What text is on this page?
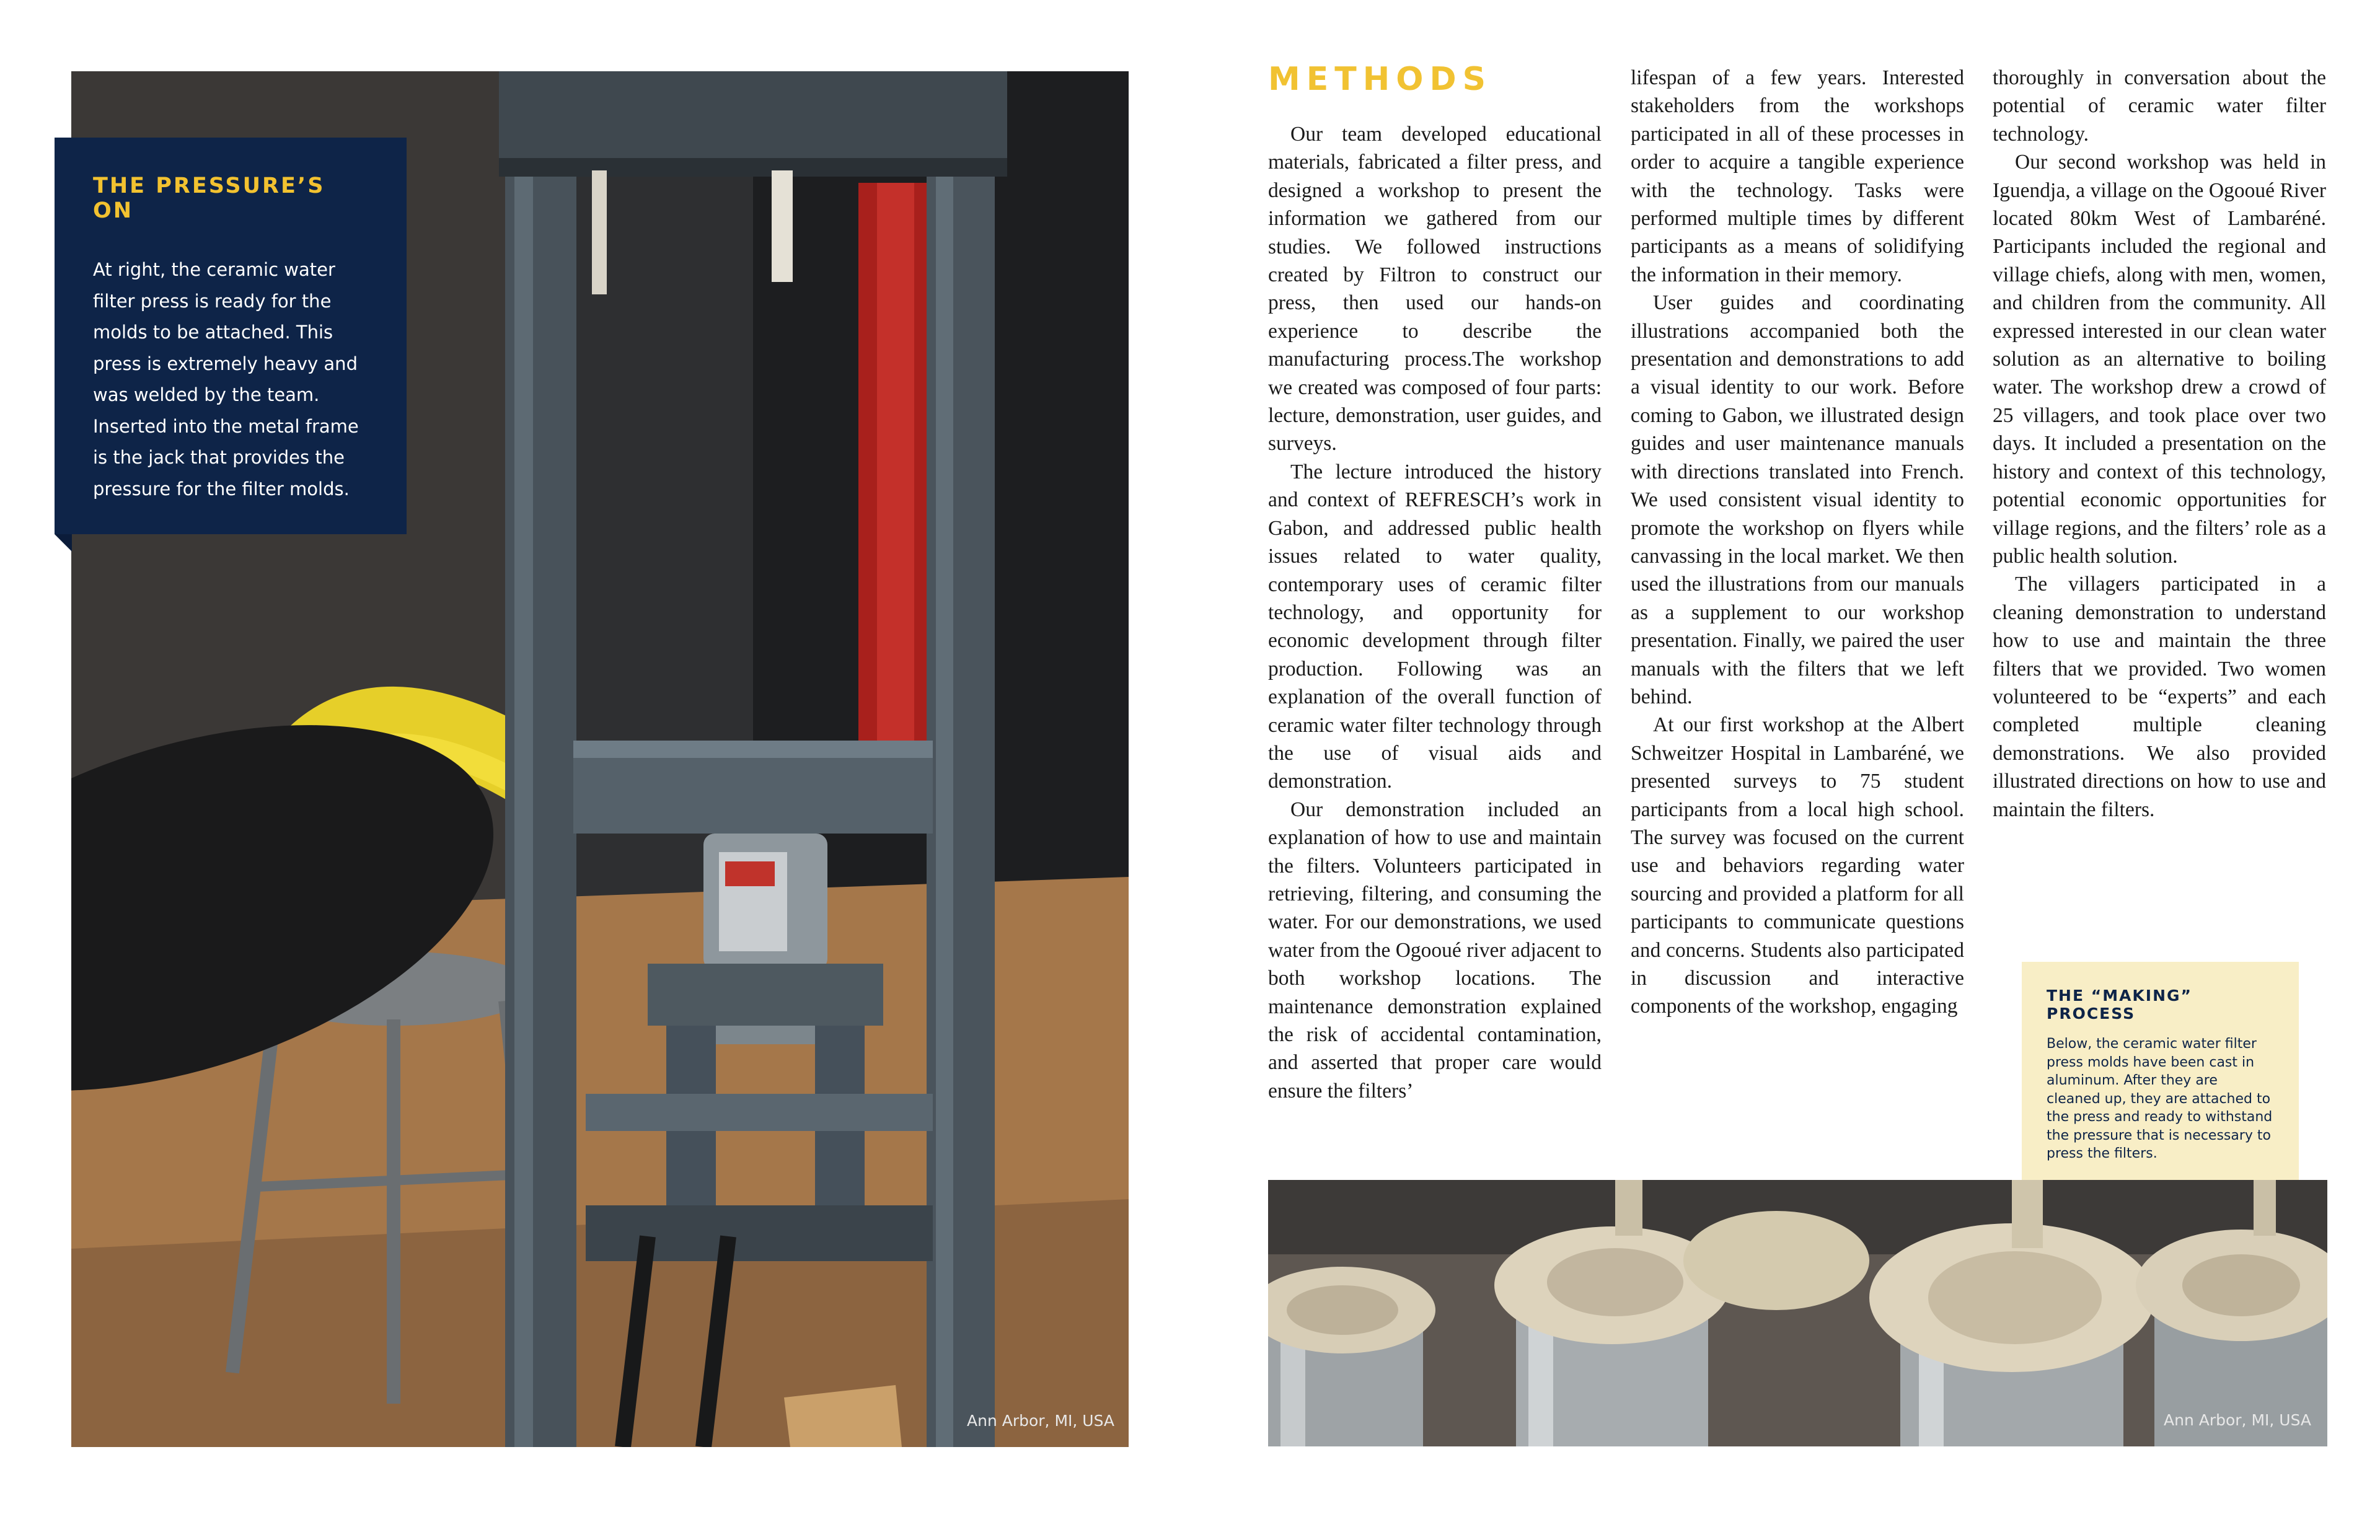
Ann Arbor, MI, USA
THE PRESSURE’S ON

At right, the ceramic water filter press is ready for the molds to be attached. This press is extremely heavy and was welded by the team. Inserted into the metal frame is the jack that provides the pressure for the filter molds.

METHODS

Our team developed educational materials, fabricated a filter press, and designed a workshop to present the information we gathered from our studies. We followed instructions created by Filtron to construct our press, then used our hands-on experience to describe the manufacturing process.The workshop we created was composed of four parts: lecture, demonstration, user guides, and surveys.

The lecture introduced the history and context of REFRESCH’s work in Gabon, and addressed public health issues related to water quality, contemporary uses of ceramic filter technology, and opportunity for economic development through filter production. Following was an explanation of the overall function of ceramic water filter technology through the use of visual aids and demonstration.

Our demonstration included an explanation of how to use and maintain the filters. Volunteers participated in retrieving, filtering, and consuming the water. For our demonstrations, we used water from the Ogooué river adjacent to both workshop locations. The maintenance demonstration explained the risk of accidental contamination, and asserted that proper care would ensure the filters’

lifespan of a few years. Interested stakeholders from the workshops participated in all of these processes in order to acquire a tangible experience with the technology. Tasks were performed multiple times by different participants as a means of solidifying the information in their memory.

User guides and coordinating illustrations accompanied both the presentation and demonstrations to add a visual identity to our work. Before coming to Gabon, we illustrated design guides and user maintenance manuals with directions translated into French. We used consistent visual identity to promote the workshop on flyers while canvassing in the local market. We then used the illustrations from our manuals as a supplement to our workshop presentation. Finally, we paired the user manuals with the filters that we left behind.

At our first workshop at the Albert Schweitzer Hospital in Lambaréné, we presented surveys to 75 student participants from a local high school. The survey was focused on the current use and behaviors regarding water sourcing and provided a platform for all participants to communicate questions and concerns. Students also participated in discussion and interactive components of the workshop, engaging

thoroughly in conversation about the potential of ceramic water filter technology.

Our second workshop was held in Iguendja, a village on the Ogooué River located 80km West of Lambaréné. Participants included the regional and village chiefs, along with men, women, and children from the community. All expressed interested in our clean water solution as an alternative to boiling water. The workshop drew a crowd of 25 villagers, and took place over two days. It included a presentation on the history and context of this technology, potential economic opportunities for village regions, and the filters’ role as a public health solution.

The villagers participated in a cleaning demonstration to understand how to use and maintain the three filters that we provided. Two women volunteered to be “experts” and each completed multiple cleaning demonstrations. We also provided illustrated directions on how to use and maintain the filters.

THE “MAKING” PROCESS

Below, the ceramic water filter press molds have been cast in aluminum. After they are cleaned up, they are attached to the press and ready to withstand the pressure that is necessary to press the filters.

Ann Arbor, MI, USA
